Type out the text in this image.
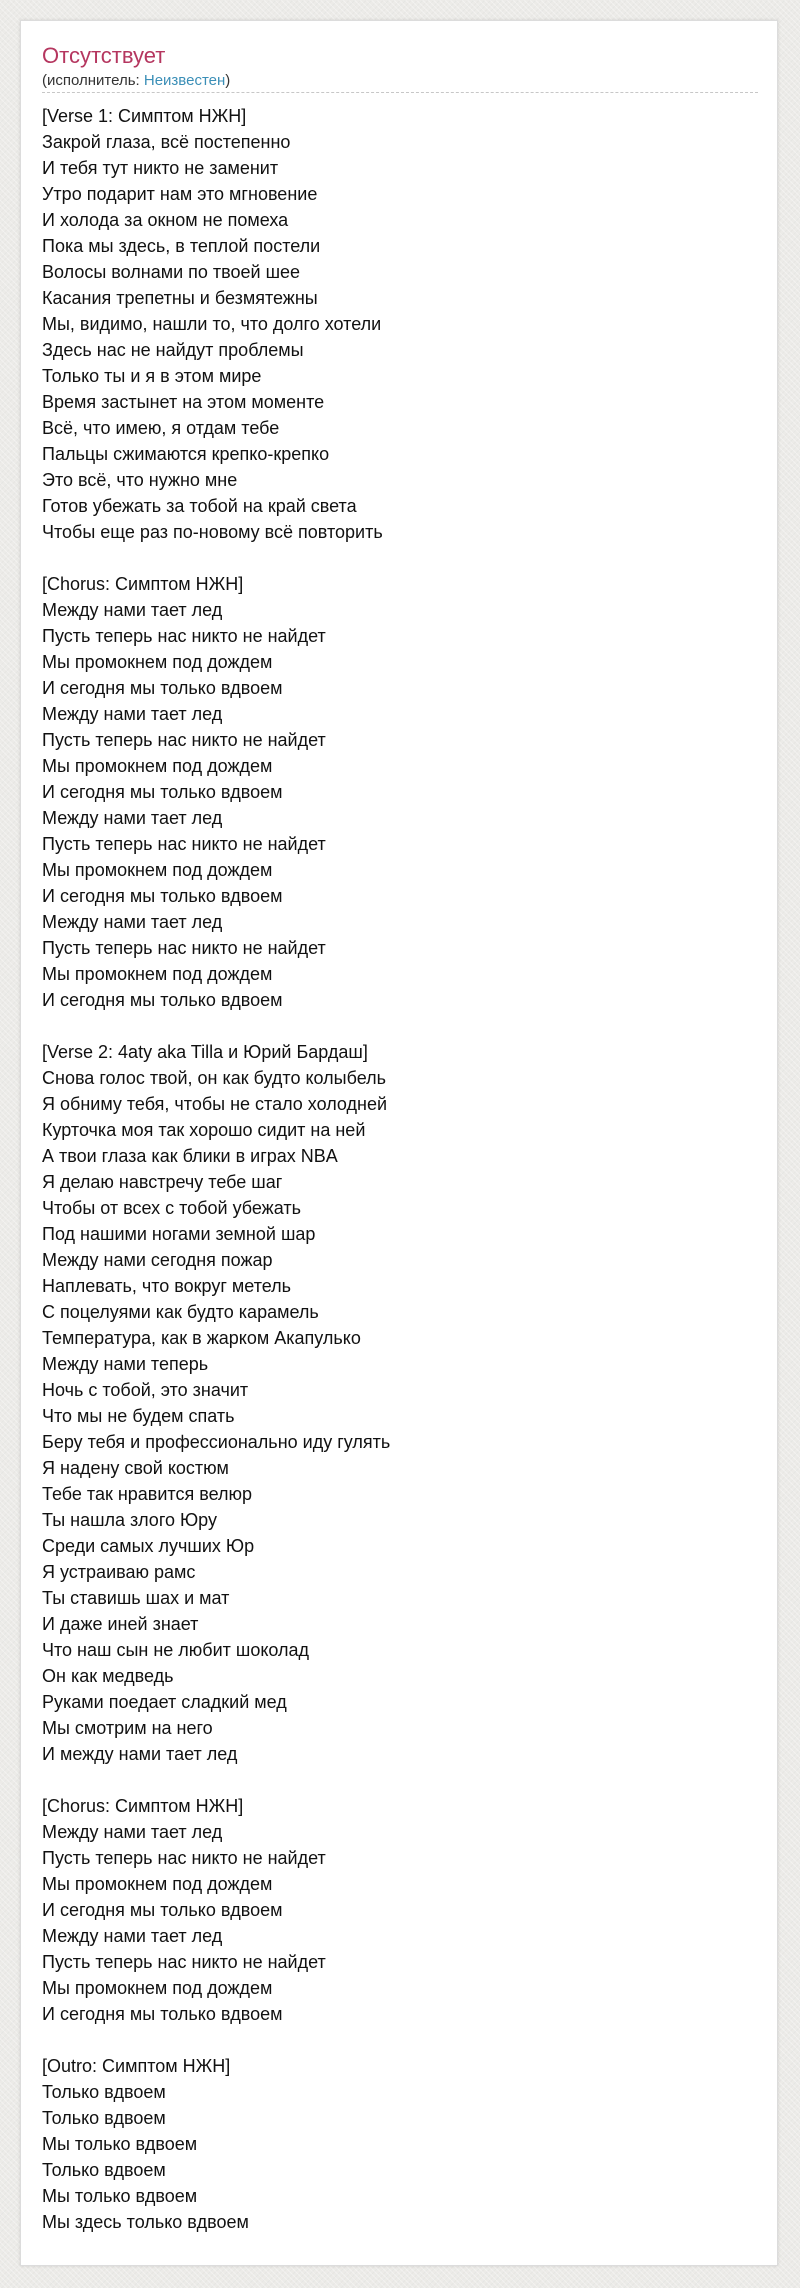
Отсутствует
(исполнитель: Неизвестен)
[Verse 1: Симптом НЖН]
Закрой глаза, всё постепенно
И тебя тут никто не заменит
Утро подарит нам это мгновение
И холода за окном не помеха
Пока мы здесь, в теплой постели
Волосы волнами по твоей шее
Касания трепетны и безмятежны
Мы, видимо, нашли то, что долго хотели
Здесь нас не найдут проблемы
Только ты и я в этом мире
Время застынет на этом моменте
Всё, что имею, я отдам тебе
Пальцы сжимаются крепко-крепко
Это всё, что нужно мне
Готов убежать за тобой на край света
Чтобы еще раз по-новому всё повторить
[Chorus: Симптом НЖН]
Между нами тает лед
Пусть теперь нас никто не найдет
Мы промокнем под дождем
И сегодня мы только вдвоем
Между нами тает лед
Пусть теперь нас никто не найдет
Мы промокнем под дождем
И сегодня мы только вдвоем
Между нами тает лед
Пусть теперь нас никто не найдет
Мы промокнем под дождем
И сегодня мы только вдвоем
Между нами тает лед
Пусть теперь нас никто не найдет
Мы промокнем под дождем
И сегодня мы только вдвоем
[Verse 2: 4aty aka Tilla и Юрий Бардаш]
Снова голос твой, он как будто колыбель
Я обниму тебя, чтобы не стало холодней
Курточка моя так хорошо сидит на ней
А твои глаза как блики в играх NBA
Я делаю навстречу тебе шаг
Чтобы от всех с тобой убежать
Под нашими ногами земной шар
Между нами сегодня пожар
Наплевать, что вокруг метель
С поцелуями как будто карамель
Температура, как в жарком Акапулько
Между нами теперь
Ночь с тобой, это значит
Что мы не будем спать
Беру тебя и профессионально иду гулять
Я надену свой костюм
Тебе так нравится велюр
Ты нашла злого Юру
Среди самых лучших Юр
Я устраиваю рамс
Ты ставишь шах и мат
И даже иней знает
Что наш сын не любит шоколад
Он как медведь
Руками поедает сладкий мед
Мы смотрим на него
И между нами тает лед
[Chorus: Симптом НЖН]
Между нами тает лед
Пусть теперь нас никто не найдет
Мы промокнем под дождем
И сегодня мы только вдвоем
Между нами тает лед
Пусть теперь нас никто не найдет
Мы промокнем под дождем
И сегодня мы только вдвоем
[Outro: Симптом НЖН]
Только вдвоем
Только вдвоем
Мы только вдвоем
Только вдвоем
Мы только вдвоем
Мы здесь только вдвоем
